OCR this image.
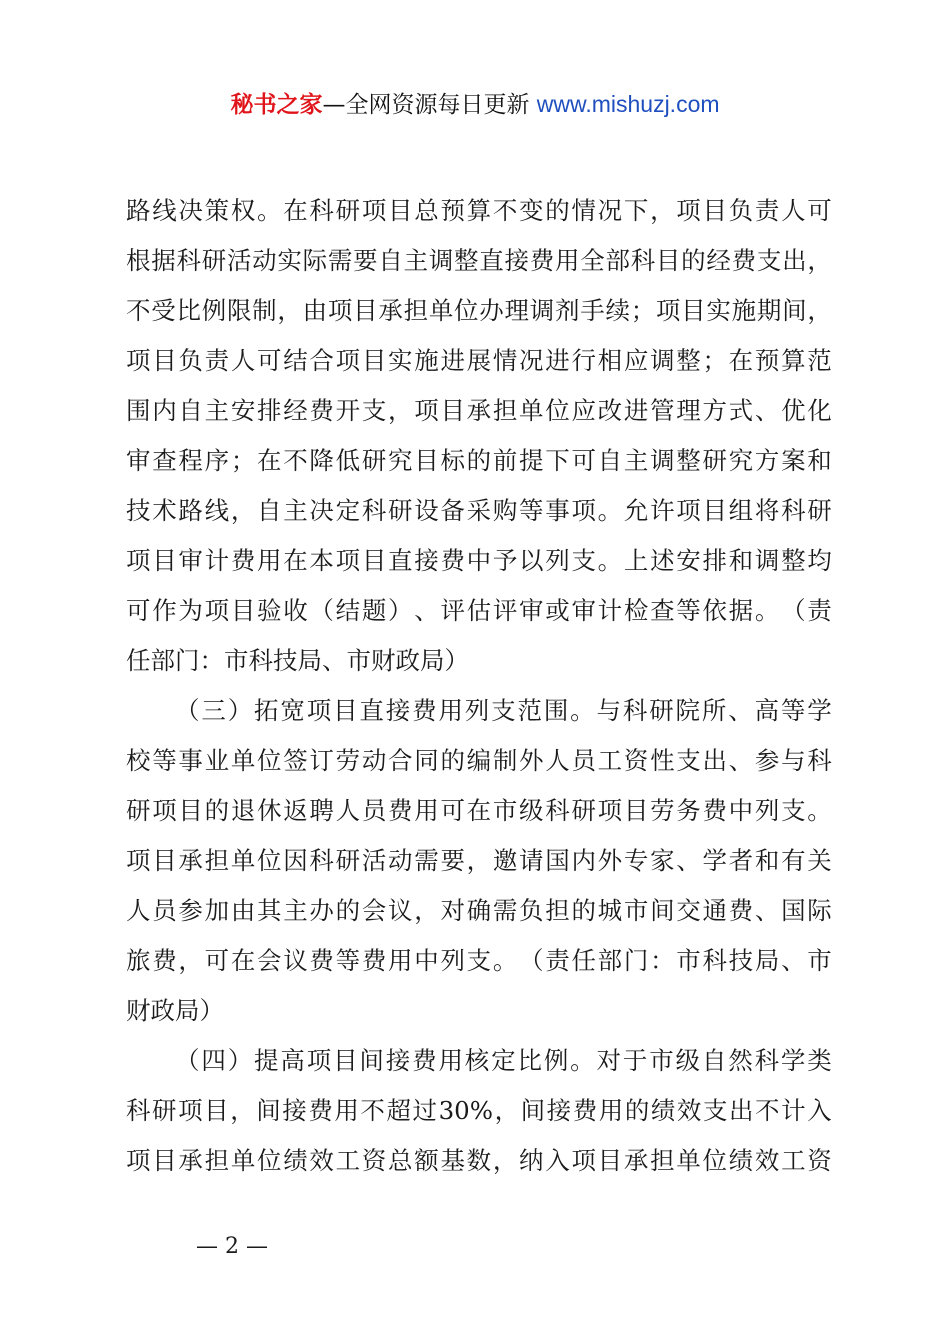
秘书之家—全网资源每日更新 www.mishuzj.com
路 线 决 策 权 。 在 科 研 项 目 总 预 算 不 变 的 情 况 下 ， 项 目 负 责 人 可
根 据 科 研 活 动 实 际 需 要 自 主 调 整 直 接 费 用 全 部 科 目 的 经 费 支 出 ，
不 受 比 例 限 制 ， 由 项 目 承 担 单 位 办 理 调 剂 手 续 ； 项 目 实 施 期 间 ，
项 目 负 责 人 可 结 合 项 目 实 施 进 展 情 况 进 行 相 应 调 整 ； 在 预 算 范
围 内 自 主 安 排 经 费 开 支 ， 项 目 承 担 单 位 应 改 进 管 理 方 式 、 优 化
审 查 程 序 ； 在 不 降 低 研 究 目 标 的 前 提 下 可 自 主 调 整 研 究 方 案 和
技 术 路 线 ， 自 主 决 定 科 研 设 备 采 购 等 事 项 。 允 许 项 目 组 将 科 研
项 目 审 计 费 用 在 本 项 目 直 接 费 中 予 以 列 支 。 上 述 安 排 和 调 整 均
可 作 为 项 目 验 收 （ 结 题 ） 、 评 估 评 审 或 审 计 检 查 等 依 据 。 （ 责
任 部 门 ： 市 科 技 局 、 市 财 政 局 ）
（ 三 ） 拓 宽 项 目 直 接 费 用 列 支 范 围 。 与 科 研 院 所 、 高 等 学
校 等 事 业 单 位 签 订 劳 动 合 同 的 编 制 外 人 员 工 资 性 支 出 、 参 与 科
研 项 目 的 退 休 返 聘 人 员 费 用 可 在 市 级 科 研 项 目 劳 务 费 中 列 支 。
项 目 承 担 单 位 因 科 研 活 动 需 要 ， 邀 请 国 内 外 专 家 、 学 者 和 有 关
人 员 参 加 由 其 主 办 的 会 议 ， 对 确 需 负 担 的 城 市 间 交 通 费 、 国 际
旅 费 ， 可 在 会 议 费 等 费 用 中 列 支 。 （ 责 任 部 门 ： 市 科 技 局 、 市
财 政 局 ）
（ 四 ） 提 高 项 目 间 接 费 用 核 定 比 例 。 对 于 市 级 自 然 科 学 类
科 研 项 目 ， 间 接 费 用 不 超 过 30% ， 间 接 费 用 的 绩 效 支 出 不 计 入
项 目 承 担 单 位 绩 效 工 资 总 额 基 数 ， 纳 入 项 目 承 担 单 位 绩 效 工 资
— 2 —
